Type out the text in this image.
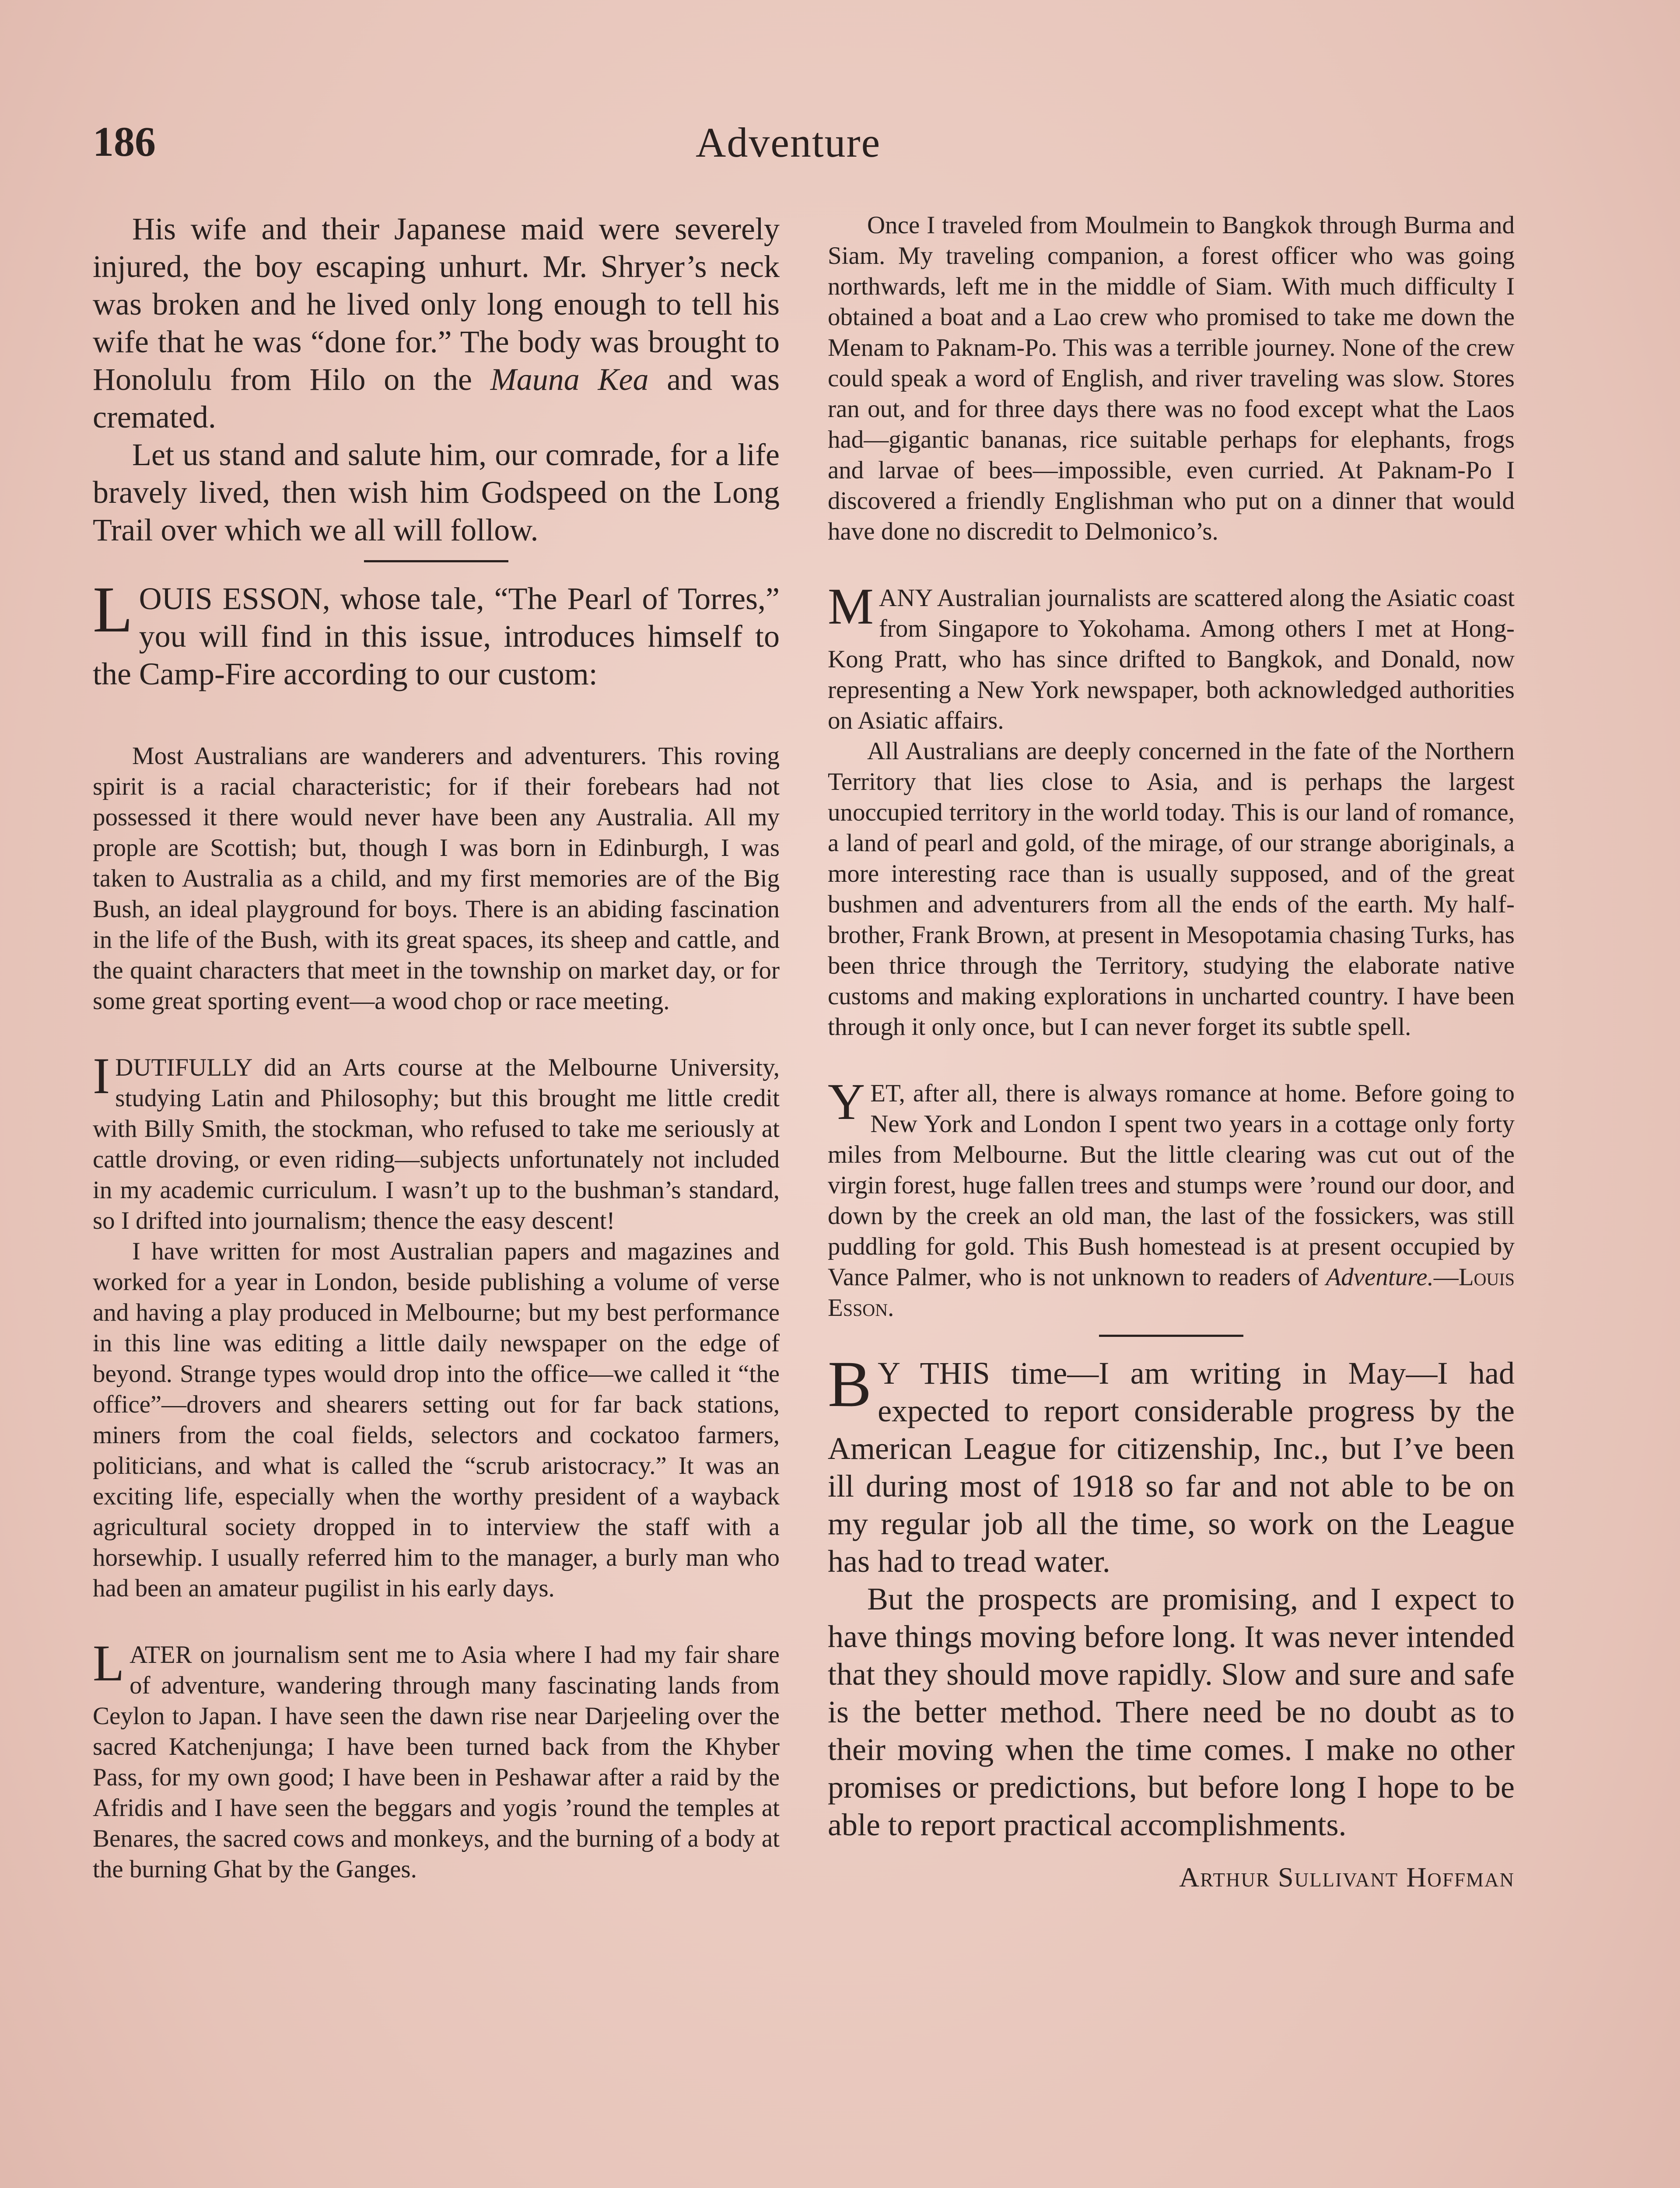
186	Adventure

His wife and their Japanese maid were severely injured, the boy escaping unhurt. Mr. Shryer’s neck was broken and he lived only long enough to tell his wife that he was “done for.” The body was brought to Honolulu from Hilo on the Mauna Kea and was cremated.

Let us stand and salute him, our comrade, for a life bravely lived, then wish him Godspeed on the Long Trail over which we all will follow.

LOUIS ESSON, whose tale, “The Pearl of Torres,” you will find in this issue, introduces himself to the Camp-Fire according to our custom:

Most Australians are wanderers and adventurers. This roving spirit is a racial characteristic; for if their forebears had not possessed it there would never have been any Australia. All my prople are Scottish; but, though I was born in Edinburgh, I was taken to Australia as a child, and my first memories are of the Big Bush, an ideal playground for boys. There is an abiding fascination in the life of the Bush, with its great spaces, its sheep and cattle, and the quaint characters that meet in the township on market day, or for some great sporting event—a wood chop or race meeting.

I DUTIFULLY did an Arts course at the Melbourne University, studying Latin and Philosophy; but this brought me little credit with Billy Smith, the stockman, who refused to take me seriously at cattle droving, or even riding—subjects unfortunately not included in my academic curriculum. I wasn’t up to the bushman’s standard, so I drifted into journalism; thence the easy descent!

I have written for most Australian papers and magazines and worked for a year in London, beside publishing a volume of verse and having a play produced in Melbourne; but my best performance in this line was editing a little daily newspaper on the edge of beyond. Strange types would drop into the office—we called it “the office”—drovers and shearers setting out for far back stations, miners from the coal fields, selectors and cockatoo farmers, politicians, and what is called the “scrub aristocracy.” It was an exciting life, especially when the worthy president of a wayback agricultural society dropped in to interview the staff with a horsewhip. I usually referred him to the manager, a burly man who had been an amateur pugilist in his early days.

LATER on journalism sent me to Asia where I had my fair share of adventure, wandering through many fascinating lands from Ceylon to Japan. I have seen the dawn rise near Darjeeling over the sacred Katchenjunga; I have been turned back from the Khyber Pass, for my own good; I have been in Peshawar after a raid by the Afridis and I have seen the beggars and yogis ’round the temples at Benares, the sacred cows and monkeys, and the burning of a body at the burning Ghat by the Ganges.

Once I traveled from Moulmein to Bangkok through Burma and Siam. My traveling companion, a forest officer who was going northwards, left me in the middle of Siam. With much difficulty I obtained a boat and a Lao crew who promised to take me down the Menam to Paknam-Po. This was a terrible journey. None of the crew could speak a word of English, and river traveling was slow. Stores ran out, and for three days there was no food except what the Laos had—gigantic bananas, rice suitable perhaps for elephants, frogs and larvae of bees—impossible, even curried. At Paknam-Po I discovered a friendly Englishman who put on a dinner that would have done no discredit to Delmonico’s.

MANY Australian journalists are scattered along the Asiatic coast from Singapore to Yokohama. Among others I met at Hong-Kong Pratt, who has since drifted to Bangkok, and Donald, now representing a New York newspaper, both acknowledged authorities on Asiatic affairs.

All Australians are deeply concerned in the fate of the Northern Territory that lies close to Asia, and is perhaps the largest unoccupied territory in the world today. This is our land of romance, a land of pearl and gold, of the mirage, of our strange aboriginals, a more interesting race than is usually supposed, and of the great bushmen and adventurers from all the ends of the earth. My half-brother, Frank Brown, at present in Mesopotamia chasing Turks, has been thrice through the Territory, studying the elaborate native customs and making explorations in uncharted country. I have been through it only once, but I can never forget its subtle spell.

YET, after all, there is always romance at home. Before going to New York and London I spent two years in a cottage only forty miles from Melbourne. But the little clearing was cut out of the virgin forest, huge fallen trees and stumps were ’round our door, and down by the creek an old man, the last of the fossickers, was still puddling for gold. This Bush homestead is at present occupied by Vance Palmer, who is not unknown to readers of Adventure.—Louis Esson.

B Y THIS time—I am writing in May—I had expected to report considerable progress by the American League for citizenship, Inc., but I’ve been ill during most of 1918 so far and not able to be on my regular job all the time, so work on the League has had to tread water.

But the prospects are promising, and I expect to have things moving before long. It was never intended that they should move rapidly. Slow and sure and safe is the better method. There need be no doubt as to their moving when the time comes. I make no other promises or predictions, but before long I hope to be able to report practical accomplishments.

Arthur Sullivant Hoffman
